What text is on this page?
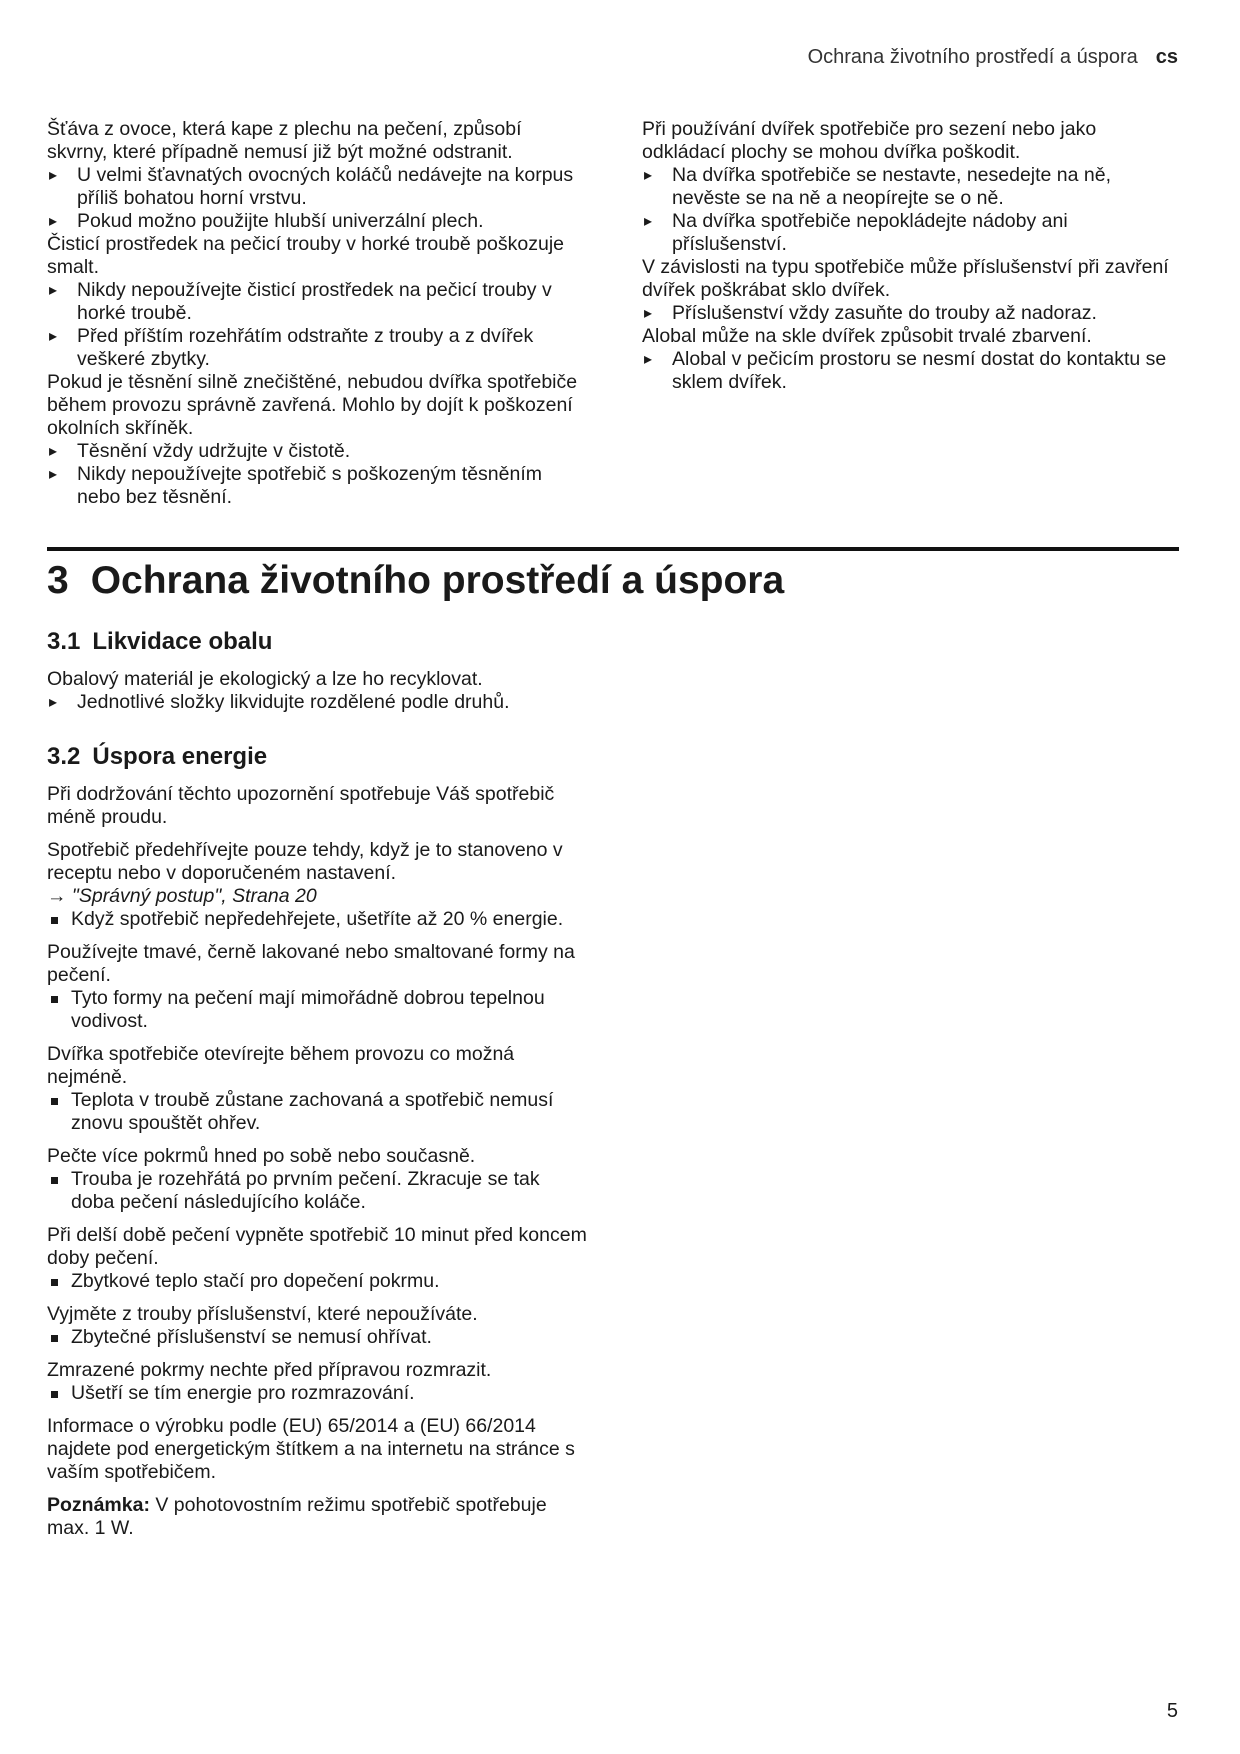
Ochrana životního prostředí a úspora cs

Šťáva z ovoce, která kape z plechu na pečení, způsobí skvrny, které případně nemusí již být možné odstranit.

▸ U velmi šťavnatých ovocných koláčů nedávejte na korpus příliš bohatou horní vrstvu.

▸ Pokud možno použijte hlubší univerzální plech.

Čisticí prostředek na pečicí trouby v horké troubě poškozuje smalt.

▸ Nikdy nepoužívejte čisticí prostředek na pečicí trouby v horké troubě.

▸ Před příštím rozehřátím odstraňte z trouby a z dvířek veškeré zbytky.

Pokud je těsnění silně znečištěné, nebudou dvířka spotřebiče během provozu správně zavřená. Mohlo by dojít k poškození okolních skříněk.

▸ Těsnění vždy udržujte v čistotě.

▸ Nikdy nepoužívejte spotřebič s poškozeným těsněním nebo bez těsnění.

Při používání dvířek spotřebiče pro sezení nebo jako odkládací plochy se mohou dvířka poškodit.

▸ Na dvířka spotřebiče se nestavte, nesedejte na ně, nevěste se na ně a neopírejte se o ně.

▸ Na dvířka spotřebiče nepokládejte nádoby ani příslušenství.

V závislosti na typu spotřebiče může příslušenství při zavření dvířek poškrábat sklo dvířek.

▸ Příslušenství vždy zasuňte do trouby až nadoraz.

Alobal může na skle dvířek způsobit trvalé zbarvení.

▸ Alobal v pečicím prostoru se nesmí dostat do kontaktu se sklem dvířek.

3 Ochrana životního prostředí a úspora
3.1 Likvidace obalu

Obalový materiál je ekologický a lze ho recyklovat.

▸ Jednotlivé složky likvidujte rozdělené podle druhů.

3.2 Úspora energie

Při dodržování těchto upozornění spotřebuje Váš spotřebič méně proudu.

Spotřebič předehřívejte pouze tehdy, když je to stanoveno v receptu nebo v doporučeném nastavení.

→ "Správný postup", Strana 20

Když spotřebič nepředehřejete, ušetříte až 20 % energie.

Používejte tmavé, černě lakované nebo smaltované formy na pečení.

Tyto formy na pečení mají mimořádně dobrou tepelnou vodivost.

Dvířka spotřebiče otevírejte během provozu co možná nejméně.

Teplota v troubě zůstane zachovaná a spotřebič nemusí znovu spouštět ohřev.

Pečte více pokrmů hned po sobě nebo současně.

Trouba je rozehřátá po prvním pečení. Zkracuje se tak doba pečení následujícího koláče.

Při delší době pečení vypněte spotřebič 10 minut před koncem doby pečení.

Zbytkové teplo stačí pro dopečení pokrmu.

Vyjměte z trouby příslušenství, které nepoužíváte.

Zbytečné příslušenství se nemusí ohřívat.

Zmrazené pokrmy nechte před přípravou rozmrazit.

Ušetří se tím energie pro rozmrazování.

Informace o výrobku podle (EU) 65/2014 a (EU) 66/2014 najdete pod energetickým štítkem a na internetu na stránce s vaším spotřebičem.

Poznámka: V pohotovostním režimu spotřebič spotřebuje max. 1 W.

5
